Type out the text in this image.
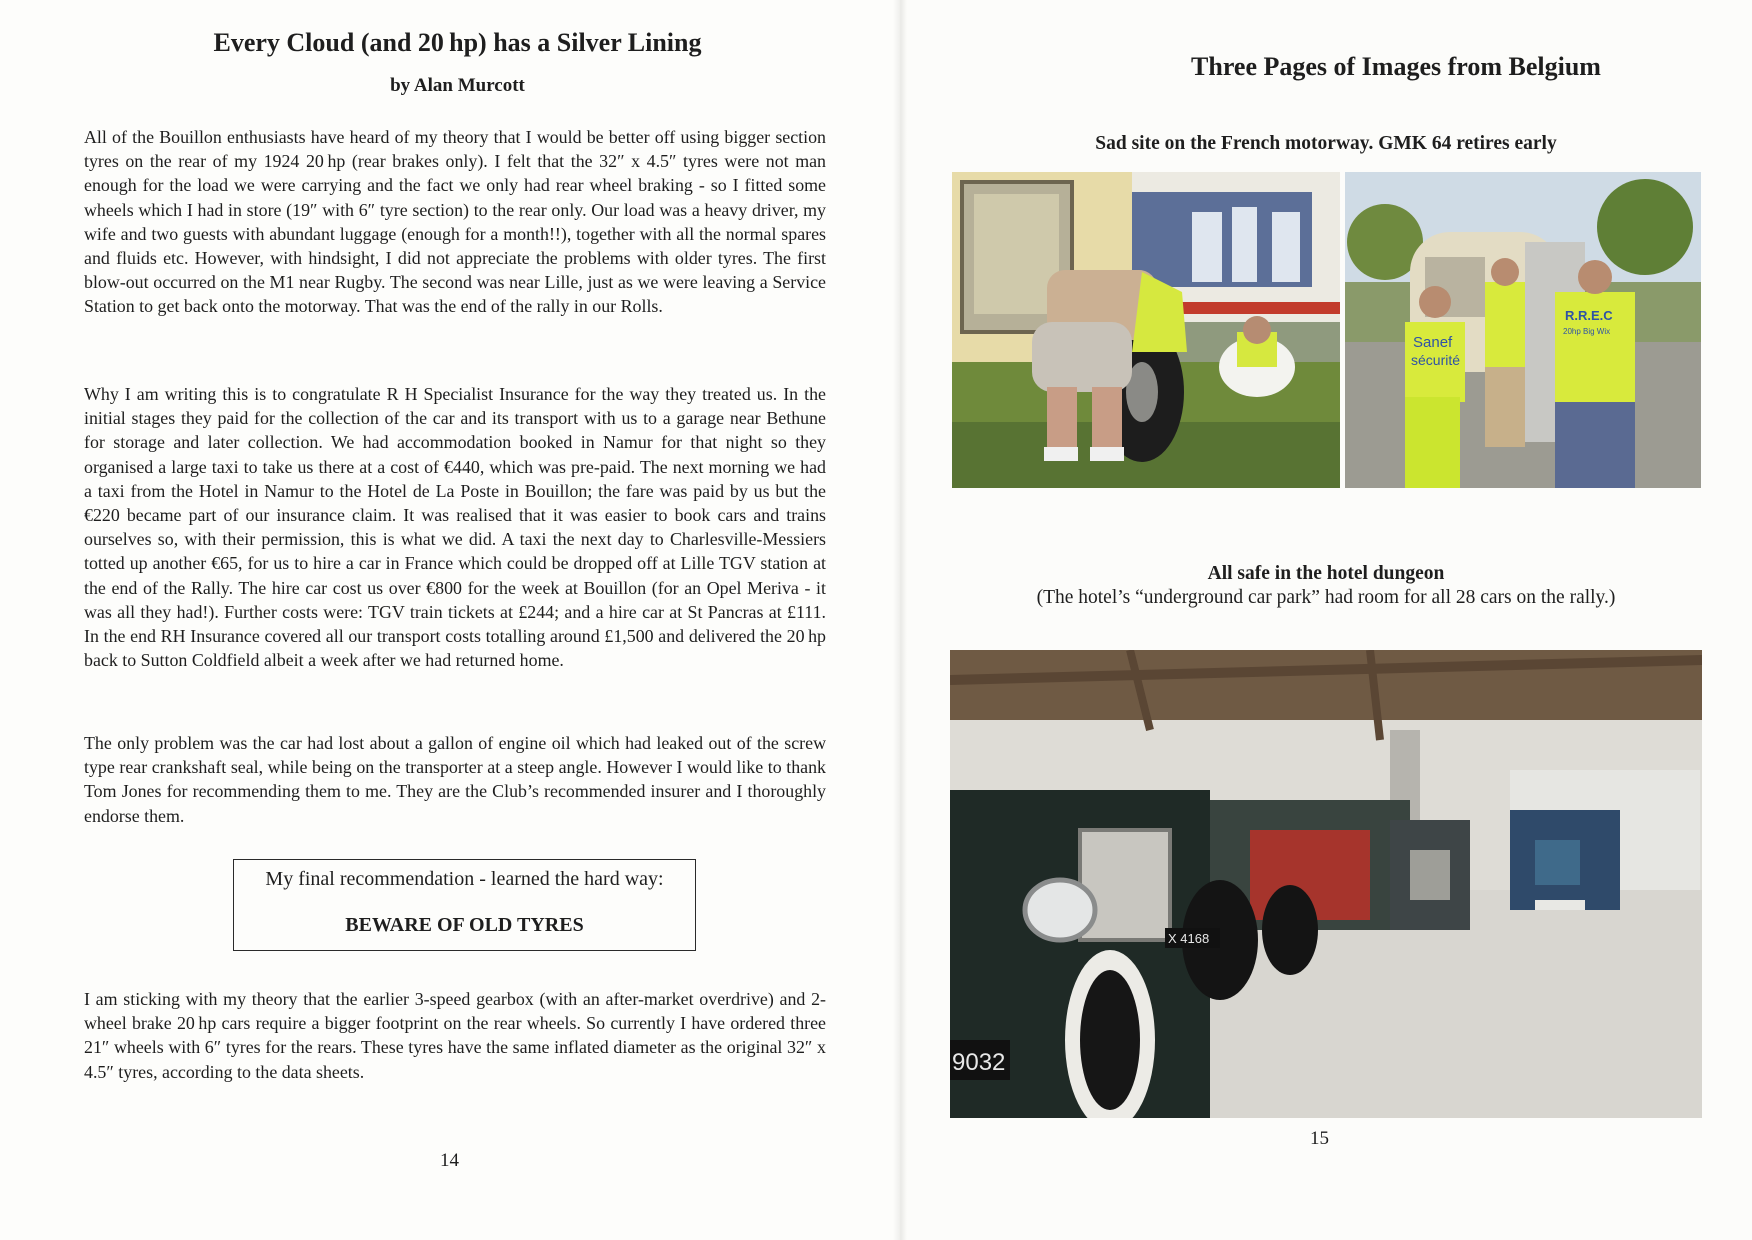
Every Cloud (and 20 hp) has a Silver Lining

by Alan Murcott

All of the Bouillon enthusiasts have heard of my theory that I would be better off using bigger section tyres on the rear of my 1924 20 hp (rear brakes only). I felt that the 32″ x 4.5″ tyres were not man enough for the load we were carrying and the fact we only had rear wheel braking - so I fitted some wheels which I had in store (19″ with 6″ tyre section) to the rear only. Our load was a heavy driver, my wife and two guests with abundant luggage (enough for a month!!), together with all the normal spares and fluids etc. However, with hindsight, I did not appreciate the problems with older tyres. The first blow-out occurred on the M1 near Rugby. The second was near Lille, just as we were leaving a Service Station to get back onto the motorway. That was the end of the rally in our Rolls.

Why I am writing this is to congratulate R H Specialist Insurance for the way they treated us. In the initial stages they paid for the collection of the car and its transport with us to a garage near Bethune for storage and later collection. We had accommodation booked in Namur for that night so they organised a large taxi to take us there at a cost of €440, which was pre-paid. The next morning we had a taxi from the Hotel in Namur to the Hotel de La Poste in Bouillon; the fare was paid by us but the €220 became part of our insurance claim. It was realised that it was easier to book cars and trains ourselves so, with their permission, this is what we did. A taxi the next day to Charlesville-Messiers totted up another €65, for us to hire a car in France which could be dropped off at Lille TGV station at the end of the Rally. The hire car cost us over €800 for the week at Bouillon (for an Opel Meriva - it was all they had!). Further costs were: TGV train tickets at £244; and a hire car at St Pancras at £111. In the end RH Insurance covered all our transport costs totalling around £1,500 and delivered the 20 hp back to Sutton Coldfield albeit a week after we had returned home.

The only problem was the car had lost about a gallon of engine oil which had leaked out of the screw type rear crankshaft seal, while being on the transporter at a steep angle. However I would like to thank Tom Jones for recommending them to me. They are the Club’s recommended insurer and I thoroughly endorse them.

My final recommendation - learned the hard way:

BEWARE OF OLD TYRES

I am sticking with my theory that the earlier 3-speed gearbox (with an after-market overdrive) and 2-wheel brake 20 hp cars require a bigger footprint on the rear wheels. So currently I have ordered three 21″ wheels with 6″ tyres for the rears. These tyres have the same inflated diameter as the original 32″ x 4.5″ tyres, according to the data sheets.

14

Three Pages of Images from Belgium

Sad site on the French motorway. GMK 64 retires early

Sanef
sécurité
R.R.E.C
20hp Big Wix

All safe in the hotel dungeon

(The hotel’s “underground car park” had room for all 28 cars on the rally.)

9032
X 4168

15
